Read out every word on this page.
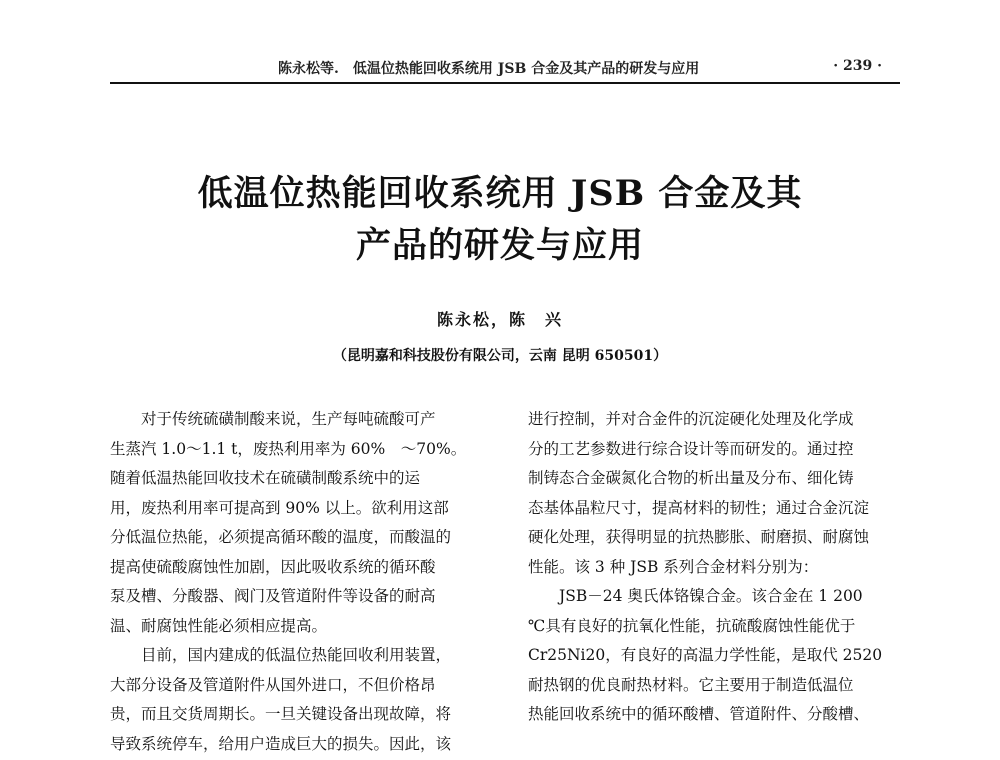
陈永松等.　低温位热能回收系统用 JSB 合金及其产品的研发与应用	· 239 ·
低温位热能回收系统用 JSB 合金及其
产品的研发与应用
陈永松，陈　兴
（昆明嘉和科技股份有限公司，云南 昆明 650501）
对于传统硫磺制酸来说，生产每吨硫酸可产
生蒸汽 1.0～1.1 t，废热利用率为 60%　～70%。
随着低温热能回收技术在硫磺制酸系统中的运
用，废热利用率可提高到 90% 以上。欲利用这部
分低温位热能，必须提高循环酸的温度，而酸温的
提高使硫酸腐蚀性加剧，因此吸收系统的循环酸
泵及槽、分酸器、阀门及管道附件等设备的耐高
温、耐腐蚀性能必须相应提高。
目前，国内建成的低温位热能回收利用装置，
大部分设备及管道附件从国外进口，不但价格昂
贵，而且交货周期长。一旦关键设备出现故障，将
导致系统停车，给用户造成巨大的损失。因此，该
进行控制，并对合金件的沉淀硬化处理及化学成
分的工艺参数进行综合设计等而研发的。通过控
制铸态合金碳氮化合物的析出量及分布、细化铸
态基体晶粒尺寸，提高材料的韧性；通过合金沉淀
硬化处理，获得明显的抗热膨胀、耐磨损、耐腐蚀
性能。该 3 种 JSB 系列合金材料分别为：
JSB－24 奥氏体铬镍合金。该合金在 1 200
℃具有良好的抗氧化性能，抗硫酸腐蚀性能优于
Cr25Ni20，有良好的高温力学性能，是取代 2520
耐热钢的优良耐热材料。它主要用于制造低温位
热能回收系统中的循环酸槽、管道附件、分酸槽、
